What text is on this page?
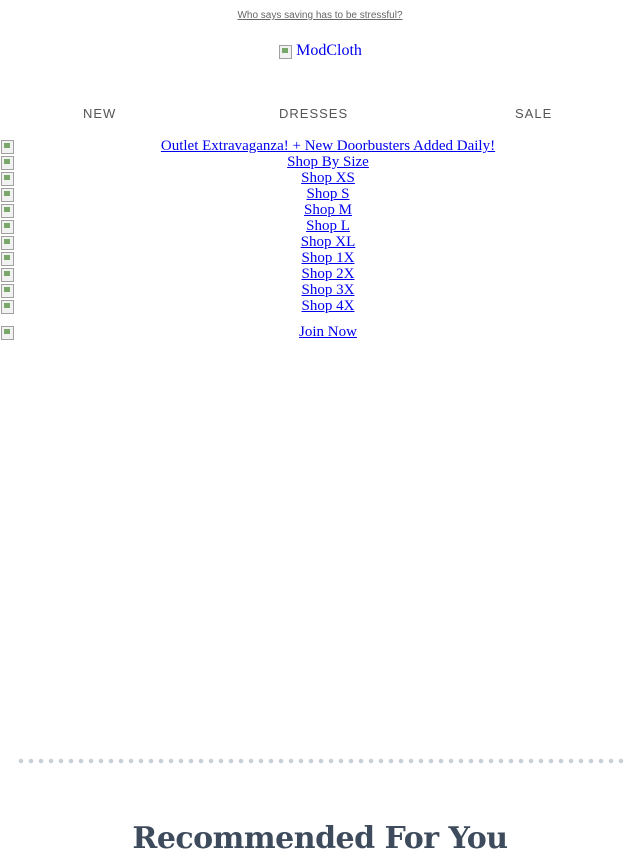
Who says saving has to be stressful?
ModCloth
NEW	DRESSES	SALE
Outlet Extravaganza! + New Doorbusters Added Daily!
Shop By Size
Shop XS
Shop S
Shop M
Shop L
Shop XL
Shop 1X
Shop 2X
Shop 3X
Shop 4X
Join Now
Recommended For You
